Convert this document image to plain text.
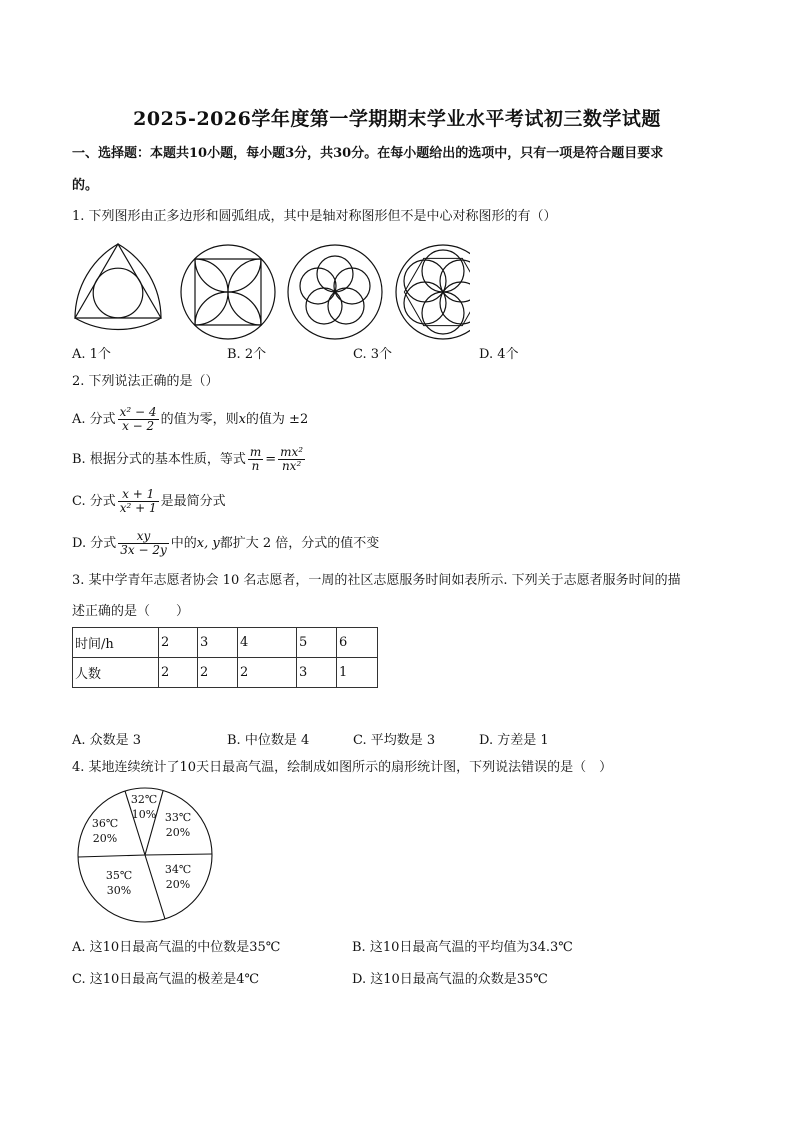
2025-2026学年度第一学期期末学业水平考试初三数学试题
一、选择题：本题共10小题，每小题3分，共30分。在每小题给出的选项中，只有一项是符合题目要求
的。
1. 下列图形由正多边形和圆弧组成，其中是轴对称图形但不是中心对称图形的有（）
A. 1个	B. 2个	C. 3个	D. 4个
2. 下列说法正确的是（）
A. 分式 $\frac{\text{x² − 4}}{x - 2}$ 的值为零，则x的值为 ±2
B. 根据分式的基本性质，等式 $\frac{m}{n} = \frac{\text{mx²}}{\text{nx²}}$
C. 分式 $\frac{x + 1}{\text{x² + 1}}$ 是最简分式
D. 分式 $\frac{xy}{3x - 2y}$ 中的x, y都扩大 2 倍，分式的值不变
3. 某中学青年志愿者协会 10 名志愿者，一周的社区志愿服务时间如表所示. 下列关于志愿者服务时间的描
述正确的是（　　）
时间/h	2	3	4	5	6
人数	2	2	2	3	1
A. 众数是 3	B. 中位数是 4	C. 平均数是 3	D. 方差是 1
4. 某地连续统计了10天日最高气温，绘制成如图所示的扇形统计图，下列说法错误的是（　）
32℃
10% 33℃
20%
34℃
20%
35℃
30%
36℃
20%
A. 这10日最高气温的中位数是35℃	B. 这10日最高气温的平均值为34.3℃
C. 这10日最高气温的极差是4℃	D. 这10日最高气温的众数是35℃
